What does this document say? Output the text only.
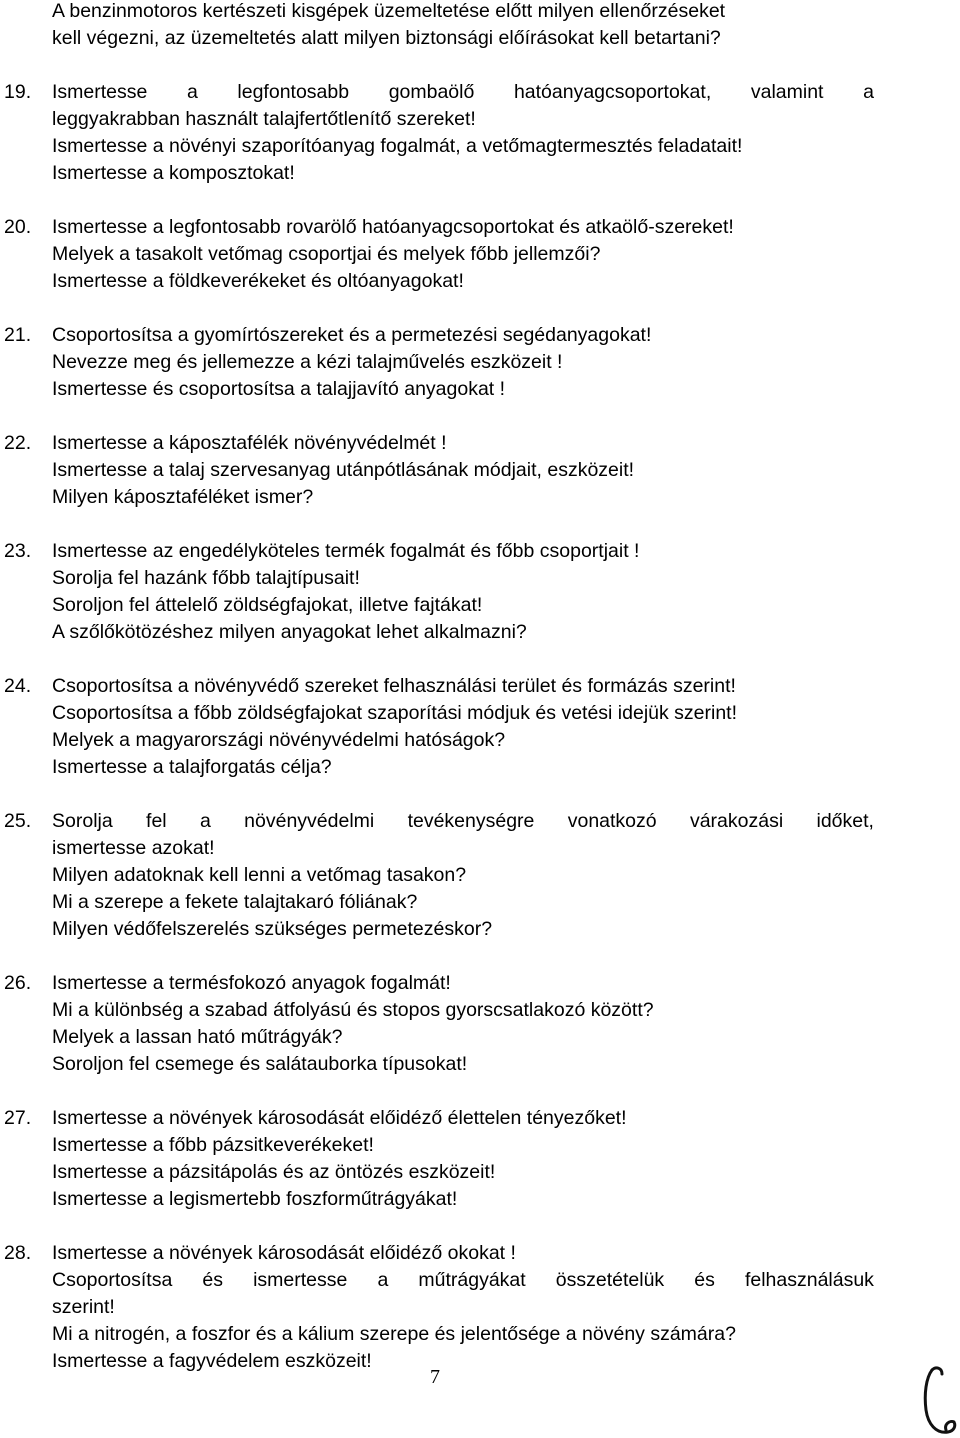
A benzinmotoros kertészeti kisgépek üzemeltetése előtt milyen ellenőrzéseket
kell végezni, az üzemeltetés alatt milyen biztonsági előírásokat kell betartani?
19. Ismertesse a legfontosabb gombaölő hatóanyagcsoportokat, valamint a
leggyakrabban használt talajfertőtlenítő szereket!
Ismertesse a növényi szaporítóanyag fogalmát, a vetőmagtermesztés feladatait!
Ismertesse a komposztokat!
20. Ismertesse a legfontosabb rovarölő hatóanyagcsoportokat és atkaölő-szereket!
Melyek a tasakolt vetőmag csoportjai és melyek főbb jellemzői?
Ismertesse a földkeverékeket és oltóanyagokat!
21. Csoportosítsa a gyomírtószereket és a permetezési segédanyagokat!
Nevezze meg és jellemezze a kézi talajművelés eszközeit !
Ismertesse és csoportosítsa a talajjavító anyagokat !
22. Ismertesse a káposztafélék növényvédelmét !
Ismertesse a talaj szervesanyag utánpótlásának módjait, eszközeit!
Milyen káposztaféléket ismer?
23. Ismertesse az engedélyköteles termék fogalmát és főbb csoportjait !
Sorolja fel hazánk főbb talajtípusait!
Soroljon fel áttelelő zöldségfajokat, illetve fajtákat!
A szőlőkötözéshez milyen anyagokat lehet alkalmazni?
24. Csoportosítsa a növényvédő szereket felhasználási terület és formázás szerint!
Csoportosítsa a főbb zöldségfajokat szaporítási módjuk és vetési idejük szerint!
Melyek a magyarországi növényvédelmi hatóságok?
Ismertesse a talajforgatás célja?
25. Sorolja fel a növényvédelmi tevékenységre vonatkozó várakozási időket,
ismertesse azokat!
Milyen adatoknak kell lenni a vetőmag tasakon?
Mi a szerepe a fekete talajtakaró fóliának?
Milyen védőfelszerelés szükséges permetezéskor?
26. Ismertesse a termésfokozó anyagok fogalmát!
Mi a különbség a szabad átfolyású és stopos gyorscsatlakozó között?
Melyek a lassan ható műtrágyák?
Soroljon fel csemege és salátauborka típusokat!
27. Ismertesse a növények károsodását előidéző élettelen tényezőket!
Ismertesse a főbb pázsitkeverékeket!
Ismertesse a pázsitápolás és az öntözés eszközeit!
Ismertesse a legismertebb foszforműtrágyákat!
28. Ismertesse a növények károsodását előidéző okokat !
Csoportosítsa és ismertesse a műtrágyákat összetételük és felhasználásuk
szerint!
Mi a nitrogén, a foszfor és a kálium szerepe és jelentősége a növény számára?
Ismertesse a fagyvédelem eszközeit!
7
